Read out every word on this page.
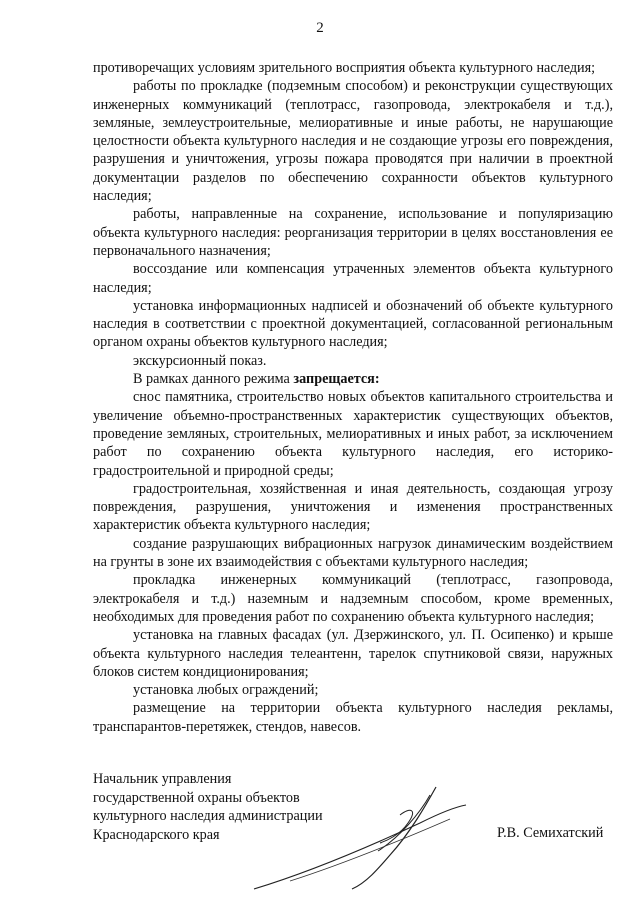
2

противоречащих условиям зрительного восприятия объекта культурного наследия;

работы по прокладке (подземным способом) и реконструкции существующих инженерных коммуникаций (теплотрасс, газопровода, электрокабеля и т.д.), земляные, землеустроительные, мелиоративные и иные работы, не нарушающие целостности объекта культурного наследия и не создающие угрозы его повреждения, разрушения и уничтожения, угрозы пожара проводятся при наличии в проектной документации разделов по обеспечению сохранности объектов культурного наследия;

работы, направленные на сохранение, использование и популяризацию объекта культурного наследия: реорганизация территории в целях восстановления ее первоначального назначения;

воссоздание или компенсация утраченных элементов объекта культурного наследия;

установка информационных надписей и обозначений об объекте культурного наследия в соответствии с проектной документацией, согласованной региональным органом охраны объектов культурного наследия;

экскурсионный показ.

В рамках данного режима запрещается:

снос памятника, строительство новых объектов капитального строительства и увеличение объемно-пространственных характеристик существующих объектов, проведение земляных, строительных, мелиоративных и иных работ, за исключением работ по сохранению объекта культурного наследия, его историко-градостроительной и природной среды;

градостроительная, хозяйственная и иная деятельность, создающая угрозу повреждения, разрушения, уничтожения и изменения пространственных характеристик объекта культурного наследия;

создание разрушающих вибрационных нагрузок динамическим воздействием на грунты в зоне их взаимодействия с объектами культурного наследия;

прокладка инженерных коммуникаций (теплотрасс, газопровода, электрокабеля и т.д.) наземным и надземным способом, кроме временных, необходимых для проведения работ по сохранению объекта культурного наследия;

установка на главных фасадах (ул. Дзержинского, ул. П. Осипенко) и крыше объекта культурного наследия телеантенн, тарелок спутниковой связи, наружных блоков систем кондиционирования;

установка любых ограждений;

размещение на территории объекта культурного наследия рекламы, транспарантов-перетяжек, стендов, навесов.

Начальник управления
государственной охраны объектов
культурного наследия администрации
Краснодарского края	Р.В. Семихатский
